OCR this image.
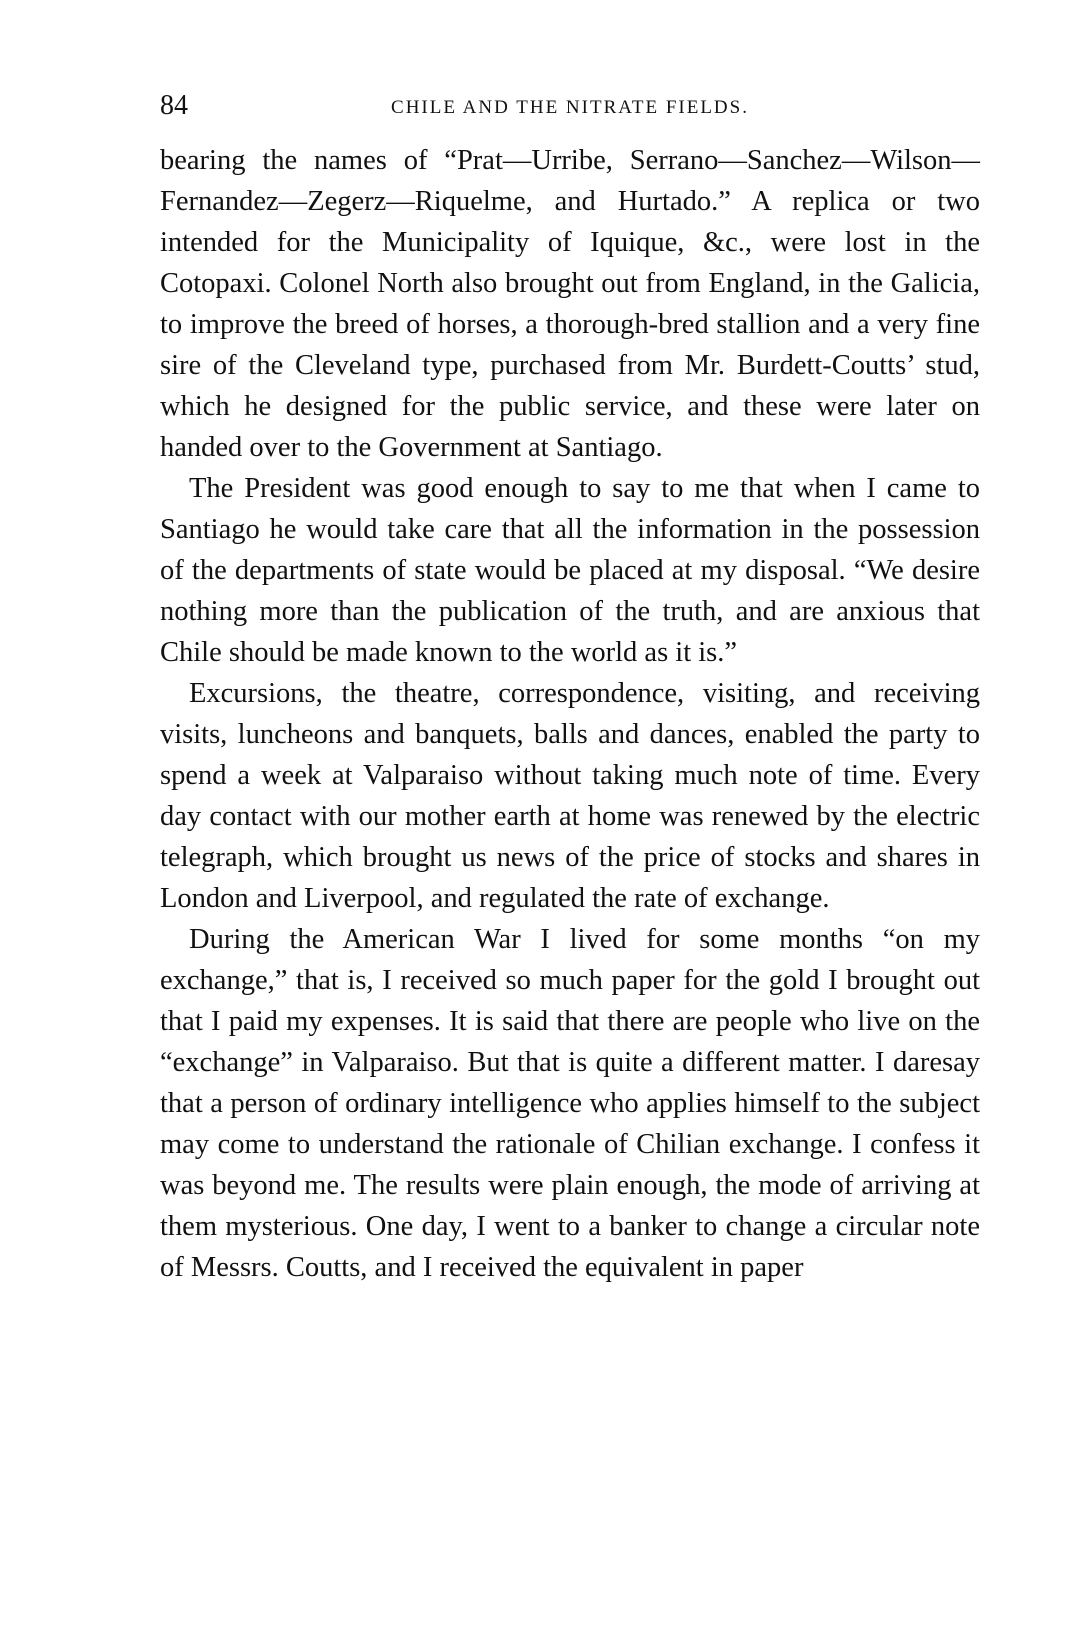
84	CHILE AND THE NITRATE FIELDS.

bearing the names of “Prat—Urribe, Serrano—Sanchez—Wilson—Fernandez—Zegerz—Riquelme, and Hurtado.” A replica or two intended for the Municipality of Iquique, &c., were lost in the Cotopaxi. Colonel North also brought out from England, in the Galicia, to improve the breed of horses, a thorough-bred stallion and a very fine sire of the Cleveland type, purchased from Mr. Burdett-Coutts’ stud, which he designed for the public service, and these were later on handed over to the Government at Santiago.

The President was good enough to say to me that when I came to Santiago he would take care that all the information in the possession of the departments of state would be placed at my disposal. “We desire nothing more than the publication of the truth, and are anxious that Chile should be made known to the world as it is.”

Excursions, the theatre, correspondence, visiting, and receiving visits, luncheons and banquets, balls and dances, enabled the party to spend a week at Valparaiso without taking much note of time. Every day contact with our mother earth at home was renewed by the electric telegraph, which brought us news of the price of stocks and shares in London and Liverpool, and regulated the rate of exchange.

During the American War I lived for some months “on my exchange,” that is, I received so much paper for the gold I brought out that I paid my expenses. It is said that there are people who live on the “exchange” in Valparaiso. But that is quite a different matter. I daresay that a person of ordinary intelligence who applies himself to the subject may come to understand the rationale of Chilian exchange. I confess it was beyond me. The results were plain enough, the mode of arriving at them mysterious. One day, I went to a banker to change a circular note of Messrs. Coutts, and I received the equivalent in paper
